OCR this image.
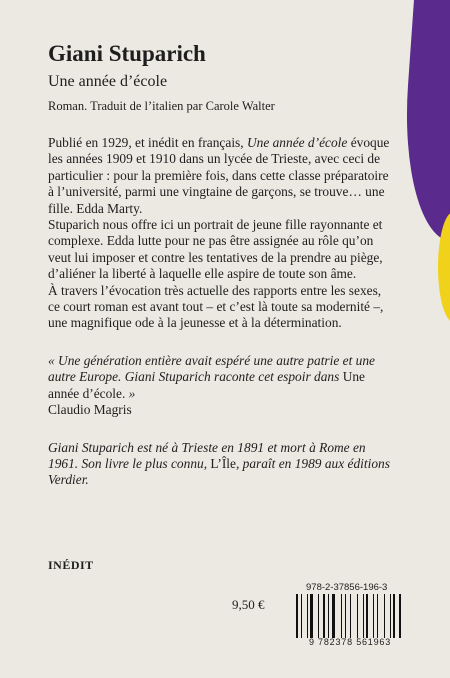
Giani Stuparich

Une année d’école

Roman. Traduit de l’italien par Carole Walter

Publié en 1929, et inédit en français, Une année d’école évoque les années 1909 et 1910 dans un lycée de Trieste, avec ceci de particulier : pour la première fois, dans cette classe préparatoire à l’université, parmi une vingtaine de garçons, se trouve… une fille. Edda Marty.

Stuparich nous offre ici un portrait de jeune fille rayonnante et complexe. Edda lutte pour ne pas être assignée au rôle qu’on veut lui imposer et contre les tentatives de la prendre au piège, d’aliéner la liberté à laquelle elle aspire de toute son âme.

À travers l’évocation très actuelle des rapports entre les sexes, ce court roman est avant tout – et c’est là toute sa modernité –, une magnifique ode à la jeunesse et à la détermination.

« Une génération entière avait espéré une autre patrie et une autre Europe. Giani Stuparich raconte cet espoir dans Une année d’école. »

Claudio Magris

Giani Stuparich est né à Trieste en 1891 et mort à Rome en 1961. Son livre le plus connu, L’Île, paraît en 1989 aux éditions Verdier.

INÉDIT
978-2-37856-196-3
9,50 €
9 782378 561963
